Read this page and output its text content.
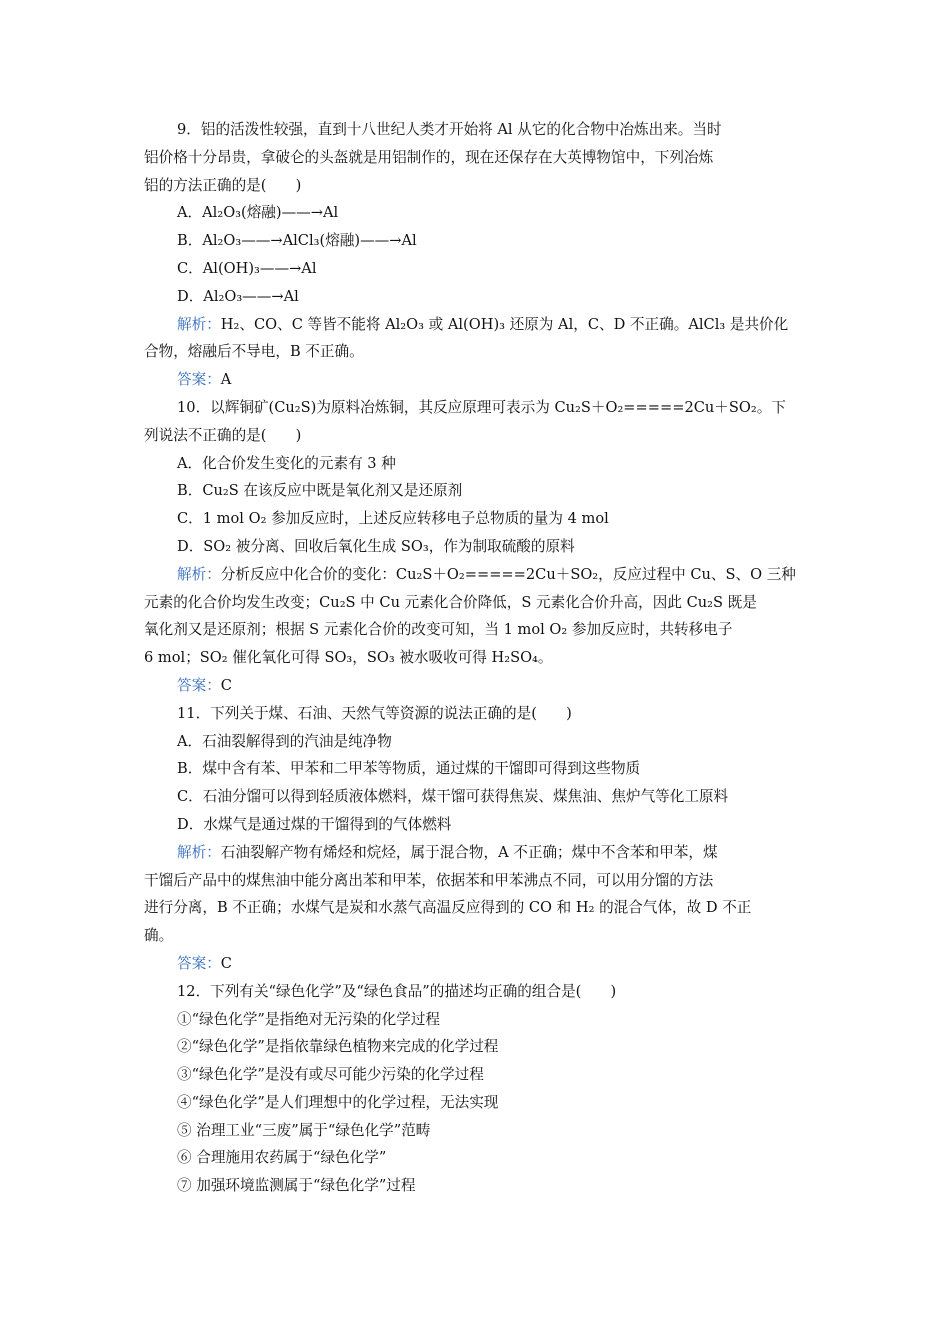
9．铝的活泼性较强，直到十八世纪人类才开始将 Al 从它的化合物中冶炼出来。当时
铝价格十分昂贵，拿破仑的头盔就是用铝制作的，现在还保存在大英博物馆中，下列冶炼
铝的方法正确的是(　　)
A．Al₂O₃(熔融)——→Al
B．Al₂O₃——→AlCl₃(熔融)——→Al
C．Al(OH)₃——→Al
D．Al₂O₃——→Al
解析：H₂、CO、C 等皆不能将 Al₂O₃ 或 Al(OH)₃ 还原为 Al，C、D 不正确。AlCl₃ 是共价化
合物，熔融后不导电，B 不正确。
答案：A
10．以辉铜矿(Cu₂S)为原料冶炼铜，其反应原理可表示为 Cu₂S＋O₂=====2Cu＋SO₂。下
列说法不正确的是(　　)
A．化合价发生变化的元素有 3 种
B．Cu₂S 在该反应中既是氧化剂又是还原剂
C．1 mol O₂ 参加反应时，上述反应转移电子总物质的量为 4 mol
D．SO₂ 被分离、回收后氧化生成 SO₃，作为制取硫酸的原料
解析：分析反应中化合价的变化：Cu₂S＋O₂=====2Cu＋SO₂，反应过程中 Cu、S、O 三种
元素的化合价均发生改变；Cu₂S 中 Cu 元素化合价降低，S 元素化合价升高，因此 Cu₂S 既是
氧化剂又是还原剂；根据 S 元素化合价的改变可知，当 1 mol O₂ 参加反应时，共转移电子
6 mol；SO₂ 催化氧化可得 SO₃，SO₃ 被水吸收可得 H₂SO₄。
答案：C
11．下列关于煤、石油、天然气等资源的说法正确的是(　　)
A．石油裂解得到的汽油是纯净物
B．煤中含有苯、甲苯和二甲苯等物质，通过煤的干馏即可得到这些物质
C．石油分馏可以得到轻质液体燃料，煤干馏可获得焦炭、煤焦油、焦炉气等化工原料
D．水煤气是通过煤的干馏得到的气体燃料
解析：石油裂解产物有烯烃和烷烃，属于混合物，A 不正确；煤中不含苯和甲苯，煤
干馏后产品中的煤焦油中能分离出苯和甲苯，依据苯和甲苯沸点不同，可以用分馏的方法
进行分离，B 不正确；水煤气是炭和水蒸气高温反应得到的 CO 和 H₂ 的混合气体，故 D 不正
确。
答案：C
12．下列有关“绿色化学”及“绿色食品”的描述均正确的组合是(　　)
①“绿色化学”是指绝对无污染的化学过程
②“绿色化学”是指依靠绿色植物来完成的化学过程
③“绿色化学”是没有或尽可能少污染的化学过程
④“绿色化学”是人们理想中的化学过程，无法实现
⑤ 治理工业“三废”属于“绿色化学”范畴
⑥ 合理施用农药属于“绿色化学”
⑦ 加强环境监测属于“绿色化学”过程
